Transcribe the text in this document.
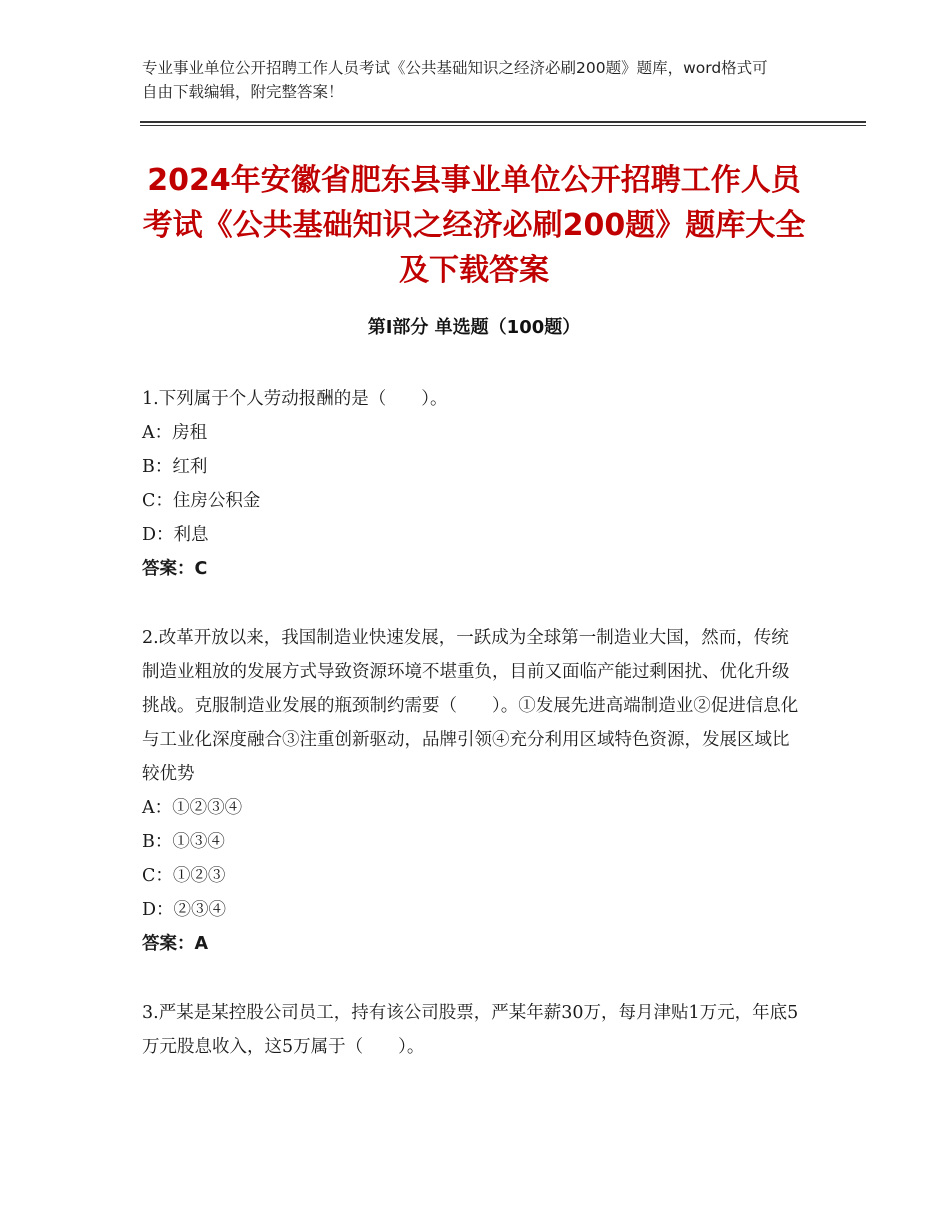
专业事业单位公开招聘工作人员考试《公共基础知识之经济必刷200题》题库，word格式可自由下载编辑，附完整答案！
2024年安徽省肥东县事业单位公开招聘工作人员考试《公共基础知识之经济必刷200题》题库大全及下载答案
第Ⅰ部分 单选题（100题）

1.下列属于个人劳动报酬的是（　　）。

A：房租

B：红利

C：住房公积金

D：利息

答案：C

2.改革开放以来，我国制造业快速发展，一跃成为全球第一制造业大国，然而，传统制造业粗放的发展方式导致资源环境不堪重负，目前又面临产能过剩困扰、优化升级挑战。克服制造业发展的瓶颈制约需要（　　）。①发展先进高端制造业②促进信息化与工业化深度融合③注重创新驱动，品牌引领④充分利用区域特色资源，发展区域比较优势

A：①②③④

B：①③④

C：①②③

D：②③④

答案：A

3.严某是某控股公司员工，持有该公司股票，严某年薪30万，每月津贴1万元，年底5万元股息收入，这5万属于（　　）。
